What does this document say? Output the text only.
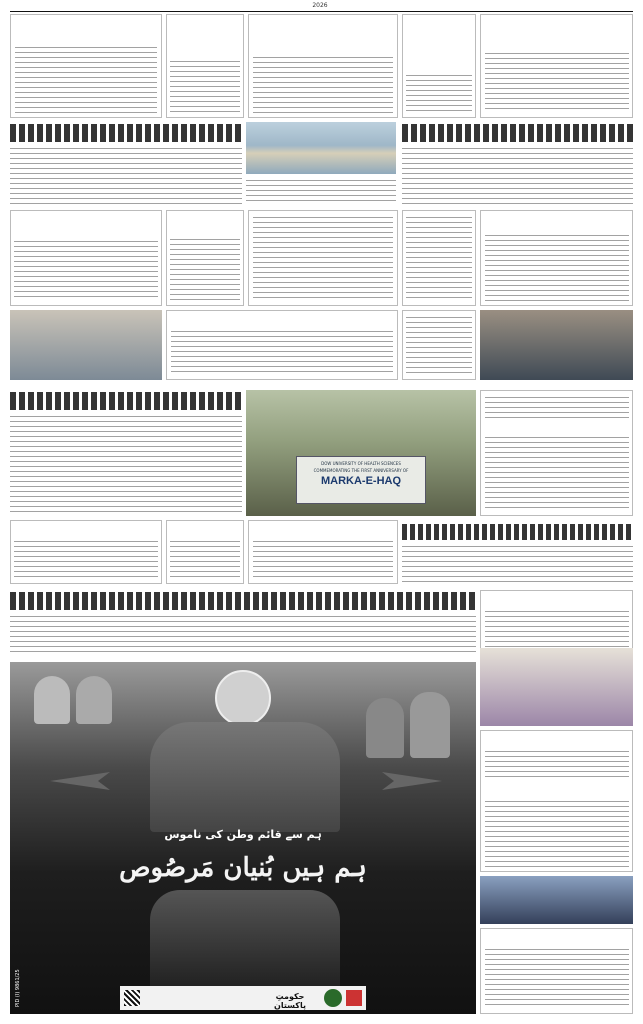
2026
DOW UNIVERSITY OF HEALTH SCIENCES
COMMEMORATING THE FIRST ANNIVERSARY OF
MARKA-E-HAQ
ہم سے قائم وطن کی ناموس
ہم ہیں بُنیان مَرصُوص
حکومتِ پاکستان
PID (I) 9861/25
